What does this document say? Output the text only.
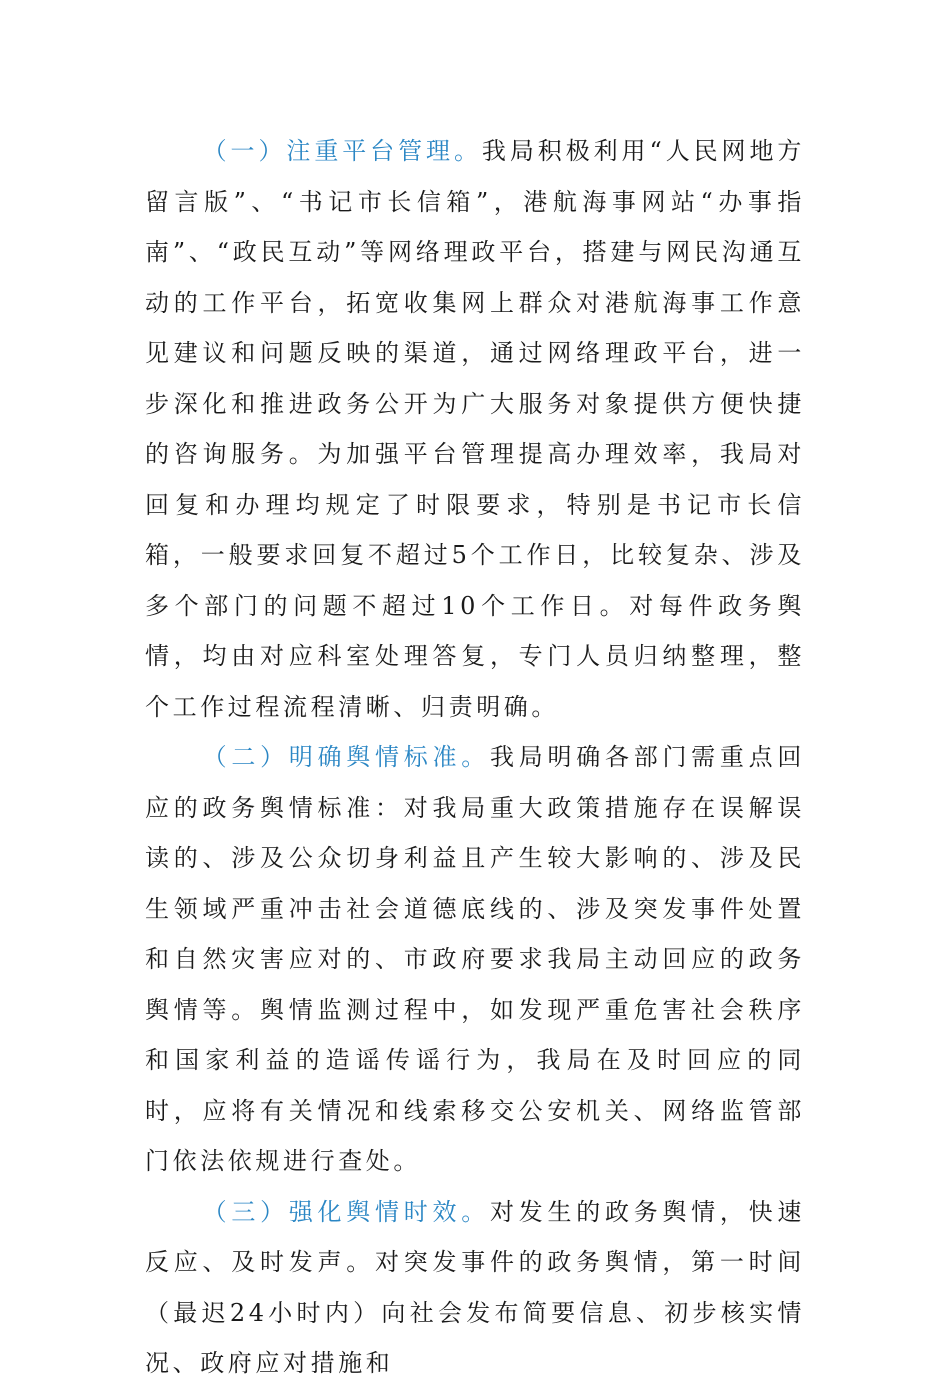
（一）注重平台管理。我局积极利用“人民网地方留言版”、“书记市长信箱”，港航海事网站“办事指南”、“政民互动”等网络理政平台，搭建与网民沟通互动的工作平台，拓宽收集网上群众对港航海事工作意见建议和问题反映的渠道，通过网络理政平台，进一步深化和推进政务公开为广大服务对象提供方便快捷的咨询服务。为加强平台管理提高办理效率，我局对回复和办理均规定了时限要求，特别是书记市长信箱，一般要求回复不超过5个工作日，比较复杂、涉及多个部门的问题不超过10个工作日。对每件政务舆情，均由对应科室处理答复，专门人员归纳整理，整个工作过程流程清晰、归责明确。

（二）明确舆情标准。我局明确各部门需重点回应的政务舆情标准：对我局重大政策措施存在误解误读的、涉及公众切身利益且产生较大影响的、涉及民生领域严重冲击社会道德底线的、涉及突发事件处置和自然灾害应对的、市政府要求我局主动回应的政务舆情等。舆情监测过程中，如发现严重危害社会秩序和国家利益的造谣传谣行为，我局在及时回应的同时，应将有关情况和线索移交公安机关、网络监管部门依法依规进行查处。

（三）强化舆情时效。对发生的政务舆情，快速反应、及时发声。对突发事件的政务舆情，第一时间（最迟24小时内）向社会发布简要信息、初步核实情况、政府应对措施和
